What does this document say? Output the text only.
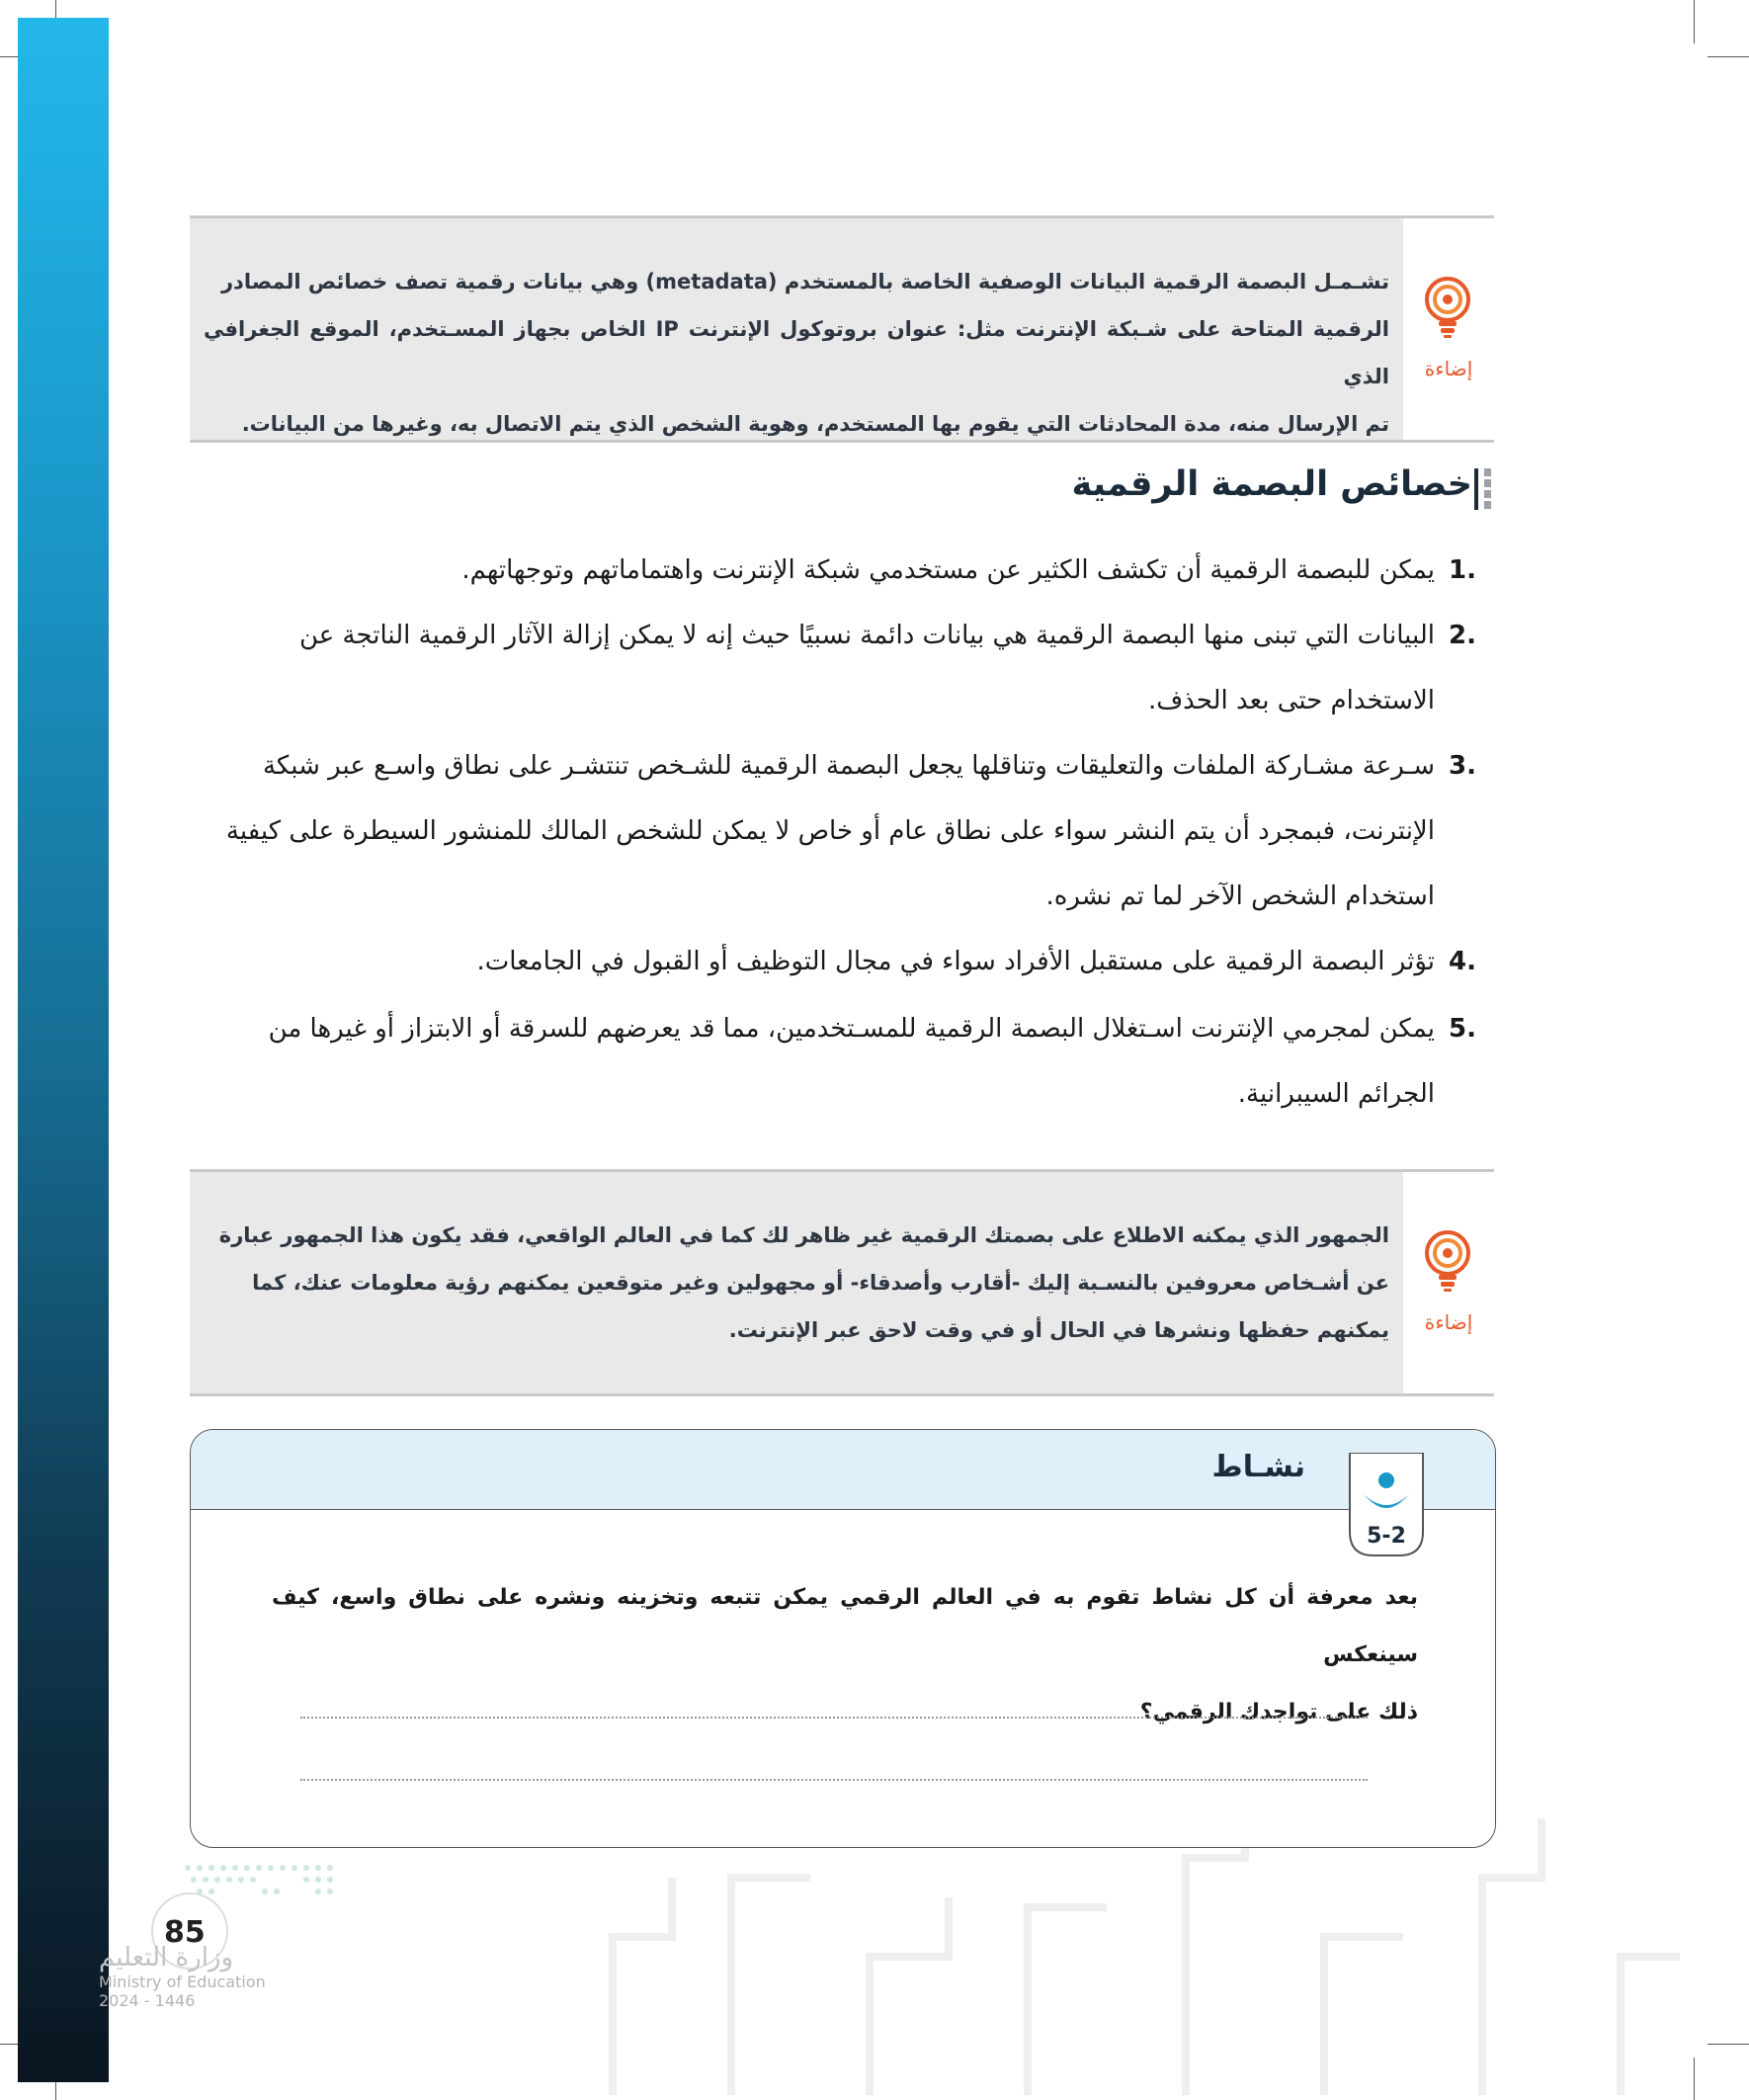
تشـمـل البصمة الرقمية البيانات الوصفية الخاصة بالمستخدم (metadata) وهي بيانات رقمية تصف خصائص المصادر
الرقمية المتاحة على شـبكة الإنترنت مثل: عنوان بروتوكول الإنترنت IP الخاص بجهاز المسـتخدم، الموقع الجغرافي الذي
تم الإرسال منه، مدة المحادثات التي يقوم بها المستخدم، وهوية الشخص الذي يتم الاتصال به، وغيرها من البيانات.
إضاءة
خصائص البصمة الرقمية
1.
يمكن للبصمة الرقمية أن تكشف الكثير عن مستخدمي شبكة الإنترنت واهتماماتهم وتوجهاتهم.
2.
البيانات التي تبنى منها البصمة الرقمية هي بيانات دائمة نسبيًا حيث إنه لا يمكن إزالة الآثار الرقمية الناتجة عن
الاستخدام حتى بعد الحذف.
3.
سـرعة مشـاركة الملفات والتعليقات وتناقلها يجعل البصمة الرقمية للشـخص تنتشـر على نطاق واسـع عبر شبكة
الإنترنت، فبمجرد أن يتم النشر سواء على نطاق عام أو خاص لا يمكن للشخص المالك للمنشور السيطرة على كيفية
استخدام الشخص الآخر لما تم نشره.
4.
تؤثر البصمة الرقمية على مستقبل الأفراد سواء في مجال التوظيف أو القبول في الجامعات.
5.
يمكن لمجرمي الإنترنت اسـتغلال البصمة الرقمية للمسـتخدمين، مما قد يعرضهم للسرقة أو الابتزاز أو غيرها من
الجرائم السيبرانية.
الجمهور الذي يمكنه الاطلاع على بصمتك الرقمية غير ظاهر لك كما في العالم الواقعي، فقد يكون هذا الجمهور عبارة
عن أشـخاص معروفين بالنسـبة إليك -أقارب وأصدقاء- أو مجهولين وغير متوقعين يمكنهم رؤية معلومات عنك، كما
يمكنهم حفظها ونشرها في الحال أو في وقت لاحق عبر الإنترنت. إضاءة
نشـاط
5-2
بعد معرفة أن كل نشاط تقوم به في العالم الرقمي يمكن تتبعه وتخزينه ونشره على نطاق واسع، كيف سينعكس
ذلك على تواجدك الرقمي؟
85
وزارة التعليم
Ministry of Education
2024 - 1446
